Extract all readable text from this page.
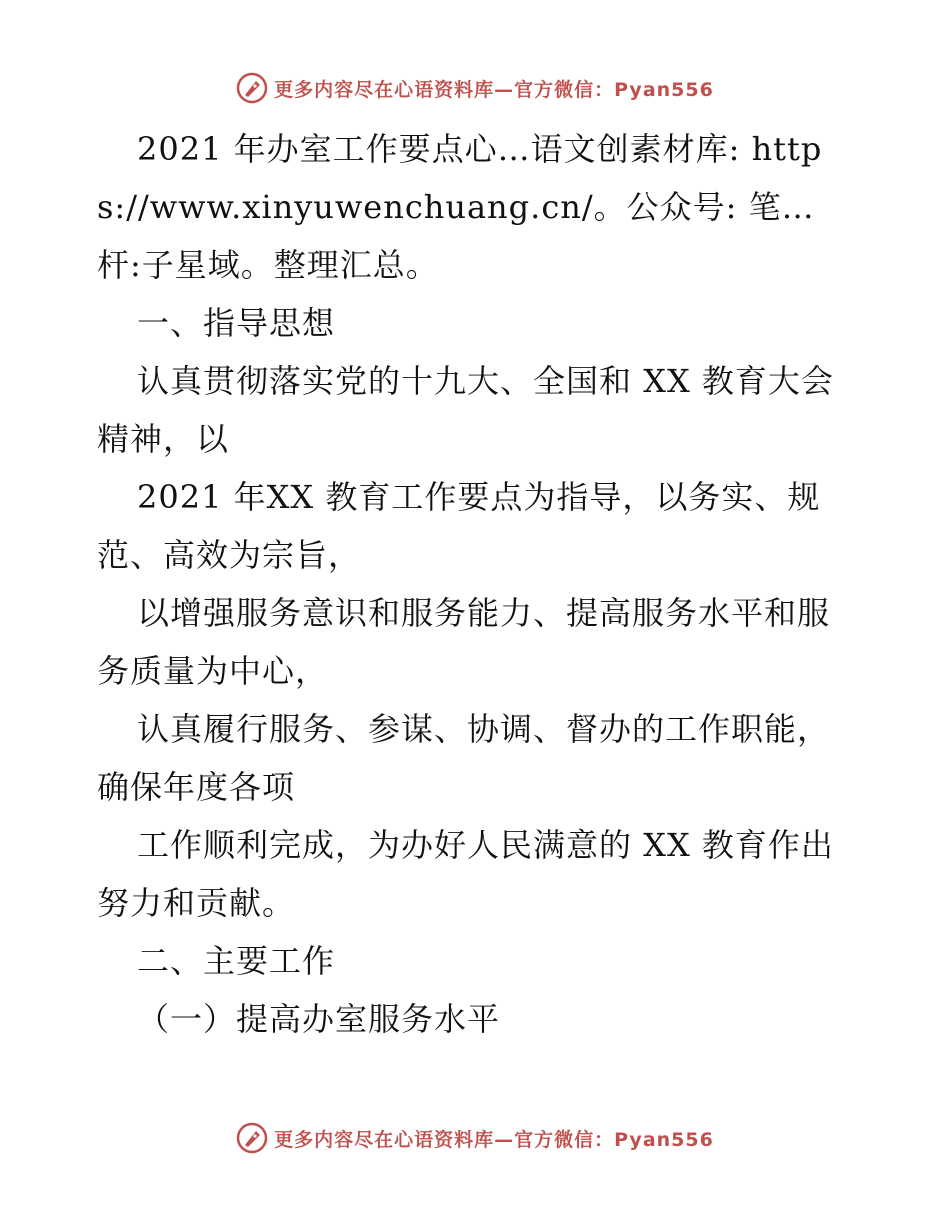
更多内容尽在心语资料库—官方微信：Pyan556

2021 年办室工作要点心…语文创素材库: https://www.xinyuwenchuang.cn/。公众号: 笔…杆:子星域。整理汇总。

一、指导思想

认真贯彻落实党的十九大、全国和 XX 教育大会精神，以

2021 年XX 教育工作要点为指导，以务实、规范、高效为宗旨，

以增强服务意识和服务能力、提高服务水平和服务质量为中心，

认真履行服务、参谋、协调、督办的工作职能，确保年度各项

工作顺利完成，为办好人民满意的 XX 教育作出努力和贡献。

二、主要工作

（一）提高办室服务水平

更多内容尽在心语资料库—官方微信：Pyan556
